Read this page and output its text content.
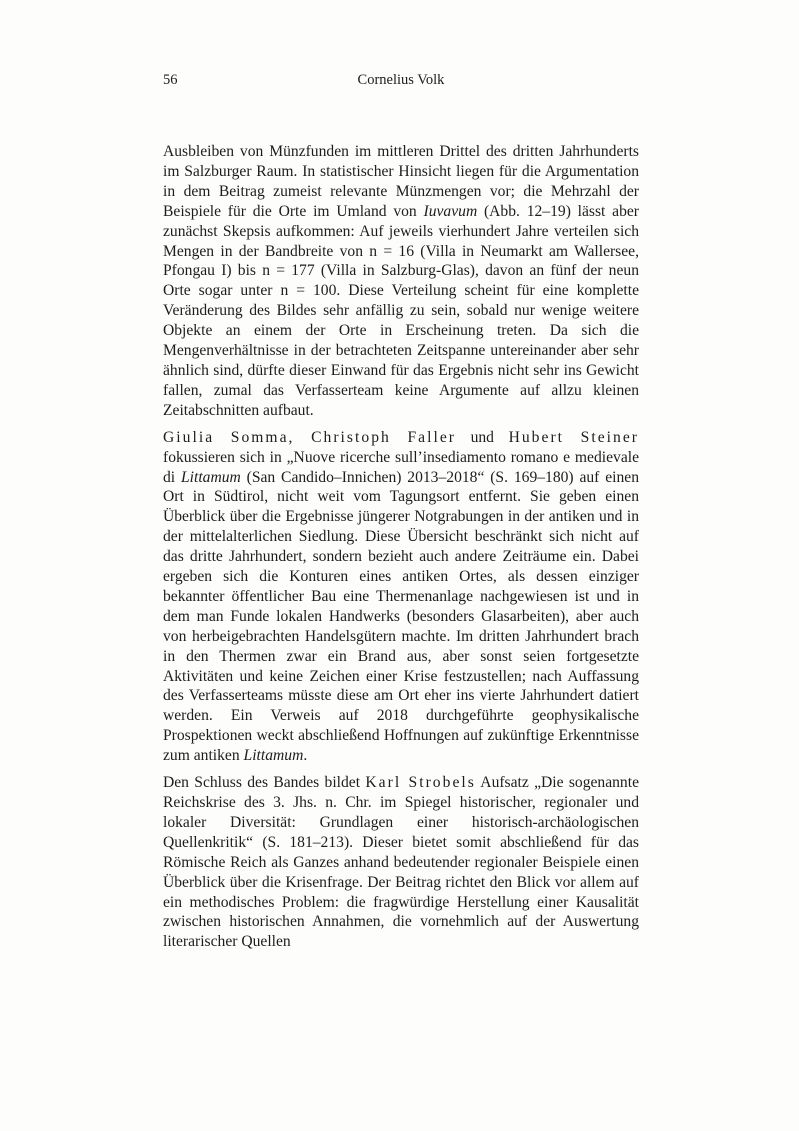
56	Cornelius Volk

Ausbleiben von Münzfunden im mittleren Drittel des dritten Jahrhunderts im Salzburger Raum. In statistischer Hinsicht liegen für die Argumentation in dem Beitrag zumeist relevante Münzmengen vor; die Mehrzahl der Beispiele für die Orte im Umland von Iuvavum (Abb. 12–19) lässt aber zunächst Skepsis aufkommen: Auf jeweils vierhundert Jahre verteilen sich Mengen in der Bandbreite von n = 16 (Villa in Neumarkt am Wallersee, Pfongau I) bis n = 177 (Villa in Salzburg-Glas), davon an fünf der neun Orte sogar unter n = 100. Diese Verteilung scheint für eine komplette Veränderung des Bildes sehr anfällig zu sein, sobald nur wenige weitere Objekte an einem der Orte in Erscheinung treten. Da sich die Mengenverhältnisse in der betrachteten Zeitspanne untereinander aber sehr ähnlich sind, dürfte dieser Einwand für das Ergebnis nicht sehr ins Gewicht fallen, zumal das Verfasserteam keine Argumente auf allzu kleinen Zeitabschnitten aufbaut.

Giulia Somma, Christoph Faller und Hubert Steiner fokussieren sich in „Nuove ricerche sull’insediamento romano e medievale di Littamum (San Candido–Innichen) 2013–2018“ (S. 169–180) auf einen Ort in Südtirol, nicht weit vom Tagungsort entfernt. Sie geben einen Überblick über die Ergebnisse jüngerer Notgrabungen in der antiken und in der mittelalterlichen Siedlung. Diese Übersicht beschränkt sich nicht auf das dritte Jahrhundert, sondern bezieht auch andere Zeiträume ein. Dabei ergeben sich die Konturen eines antiken Ortes, als dessen einziger bekannter öffentlicher Bau eine Thermenanlage nachgewiesen ist und in dem man Funde lokalen Handwerks (besonders Glasarbeiten), aber auch von herbeigebrachten Handelsgütern machte. Im dritten Jahrhundert brach in den Thermen zwar ein Brand aus, aber sonst seien fortgesetzte Aktivitäten und keine Zeichen einer Krise festzustellen; nach Auffassung des Verfasserteams müsste diese am Ort eher ins vierte Jahrhundert datiert werden. Ein Verweis auf 2018 durchgeführte geophysikalische Prospektionen weckt abschließend Hoffnungen auf zukünftige Erkenntnisse zum antiken Littamum.

Den Schluss des Bandes bildet Karl Strobels Aufsatz „Die sogenannte Reichskrise des 3. Jhs. n. Chr. im Spiegel historischer, regionaler und lokaler Diversität: Grundlagen einer historisch-archäologischen Quellenkritik“ (S. 181–213). Dieser bietet somit abschließend für das Römische Reich als Ganzes anhand bedeutender regionaler Beispiele einen Überblick über die Krisenfrage. Der Beitrag richtet den Blick vor allem auf ein methodisches Problem: die fragwürdige Herstellung einer Kausalität zwischen historischen Annahmen, die vornehmlich auf der Auswertung literarischer Quellen
